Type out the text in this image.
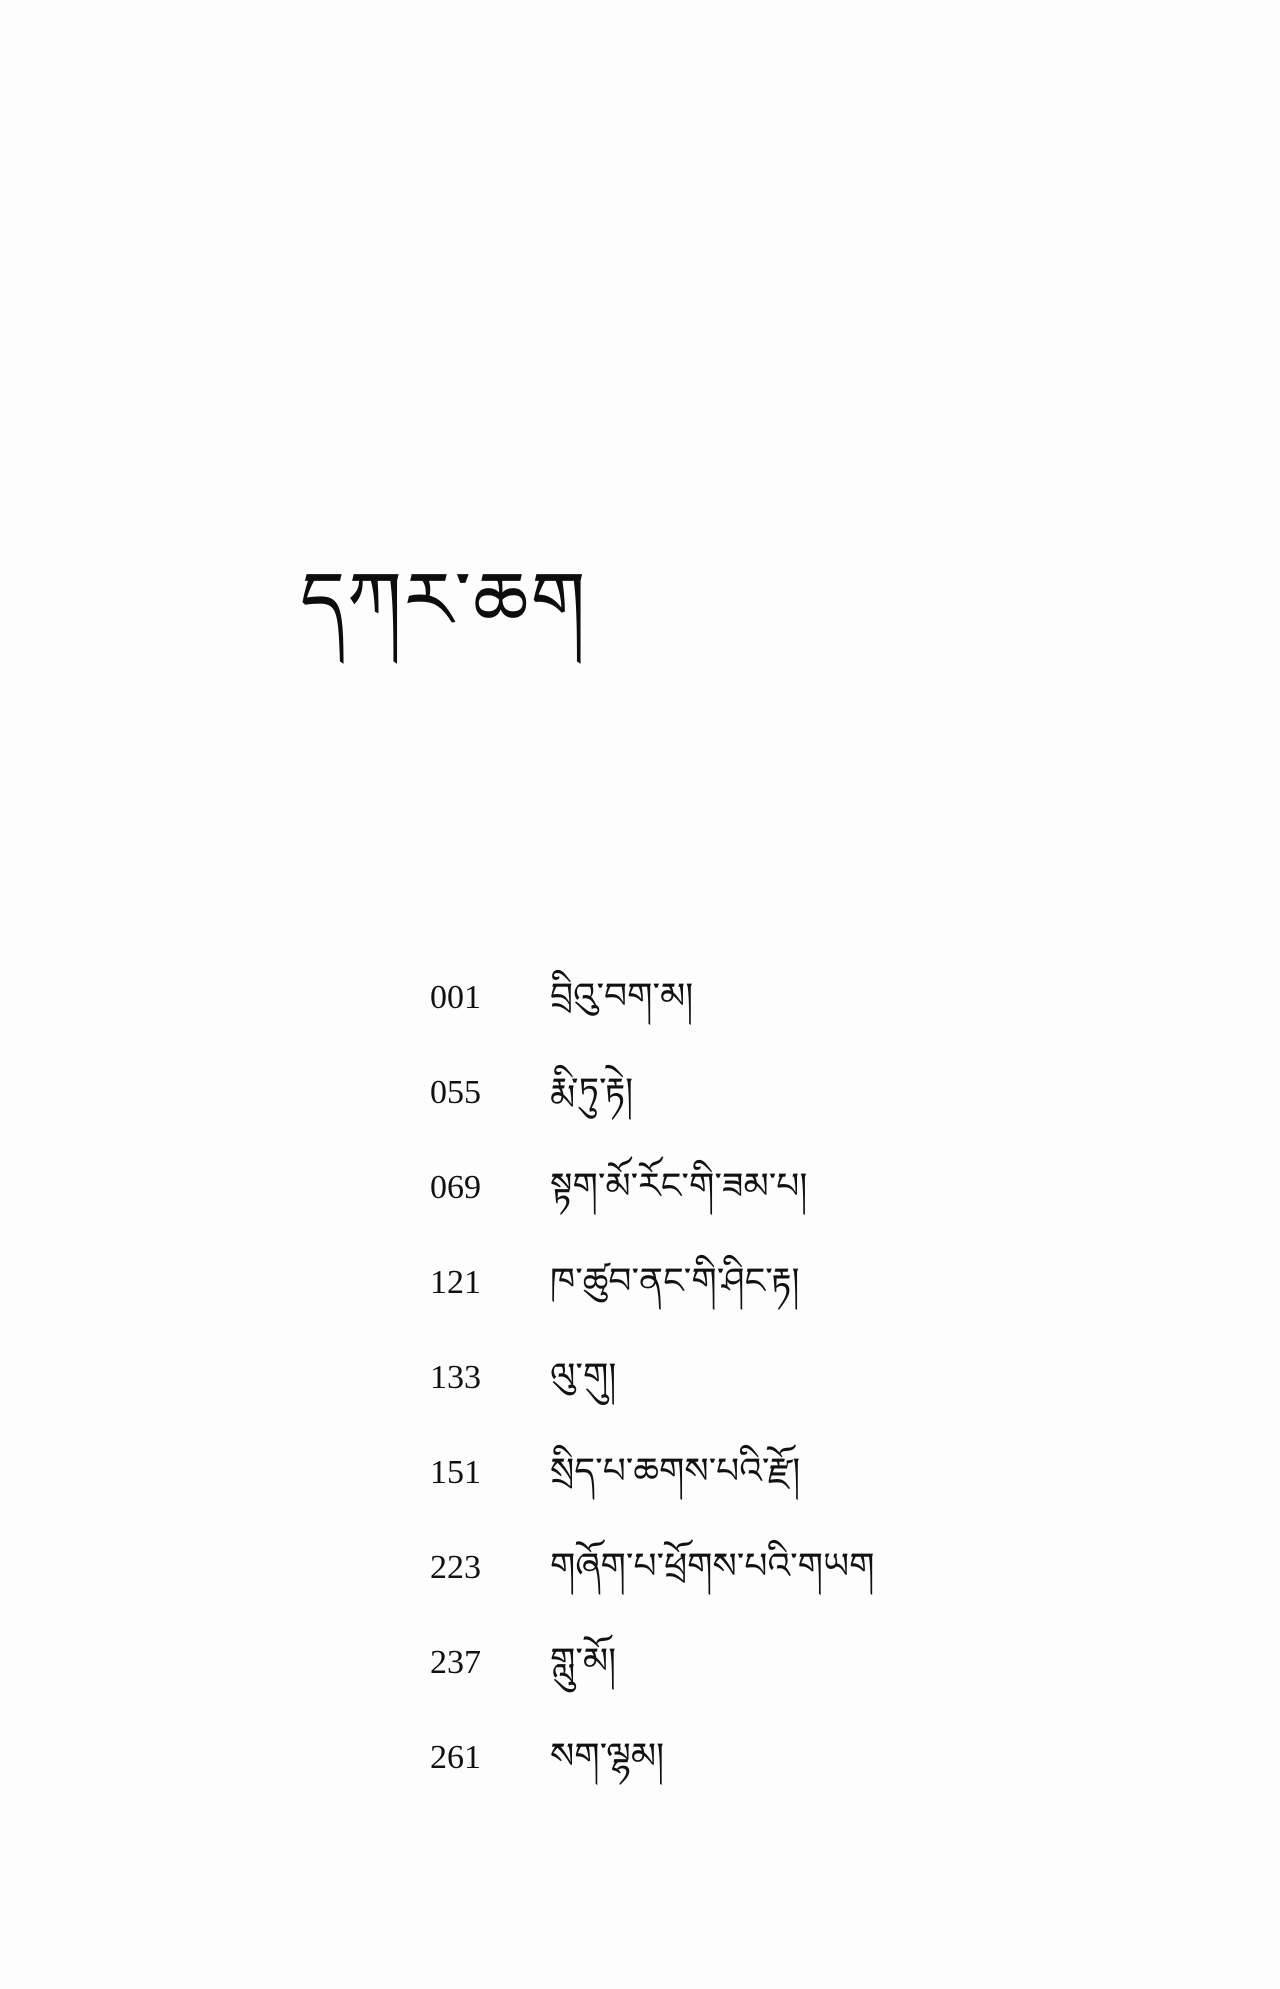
དཀར་ཆག
001	བྲིའུ་བག་མ།
055	རྨི་ཏུ་རྟེ།
069	སྟག་མོ་རོང་གི་ཟམ་པ།
121	ཁ་ཚུབ་ནང་གི་ཤིང་རྟ།
133	ལུ་གུ།
151	སྲིད་པ་ཆགས་པའི་རྫོ།
223	གཞོག་པ་ཕྲོགས་པའི་གཡག
237	གླུ་མོ།
261	སག་ལྷམ།
